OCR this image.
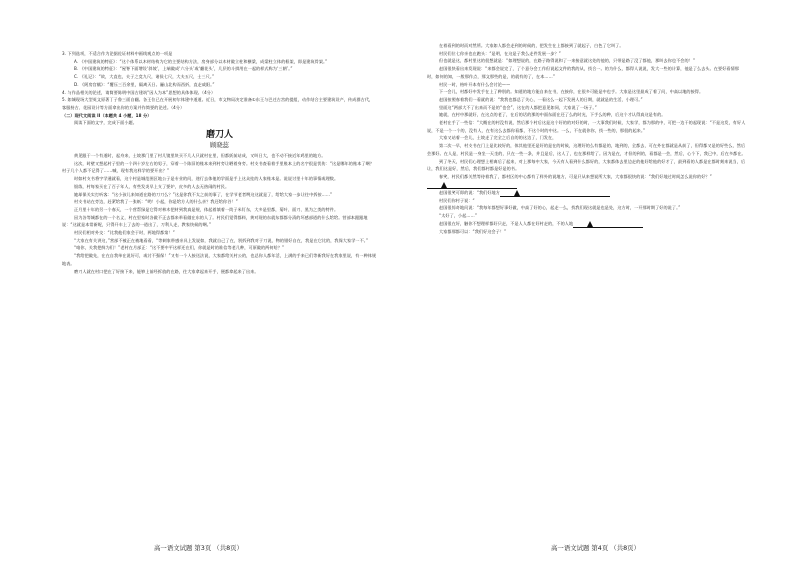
3. 下列选项，不适合作为论据佐证材料中画线观点的一项是

A. 《中国建筑的特征》：“这个体系以木材结构为它的主要结构方法，房身部分以木材做立柱和横梁，成梁柱立体的框架，即是建筑骨架。”

B. 《中国建筑的特征》：“屋脊下面增设‘斜坡’，上端做成‘六分头’或‘翻花头’，几层的斗拱用在一起的样式称为‘三朝’。”

C. 《礼记》：“故，大直也，夫子之竞九尺，诸侯七尺，大夫五尺，士三尺。”

D. 《阿房宫赋》：“覆压三百余里，隔离天日。骊山北构而西折，直走咸阳。”

4. 与作品相关的论述，请简要陈明中国古建筑“因人为本”思想的具体体现。（4分）

5. 如城现场大型英文原著丁子鲁三面自翻。各王位已在开展初尔体建中道道。近日，市文物局决定准备①东王与巴迁古宫的提组，动作结合主要建筑设产，传成群古代，客服持古、花园设计等方面拿出你的方案并作简要的论述。（4分）

（二）现代文阅读 II（本题共 4 小题，18 分）

阅读下面的文字，完成下面小题。

磨刀人

顾晓蕊

黄见跟于一个有道时，起舟来，土坡那门里了村几镜里块买不几人只就村在里，但都妖前站成，又叫日大，也不动不接近年鸡里的地方。

这次，时壁又想起村子里的一个四十岁左右的男子，穿着一个陈旧的账本来到村旁让晒着身旁。村支书查看着手里账本上的名字很是忧伤：“这是哪年的账本了啊？村子几个人都不记得了……喊，现有我这样学的要开出？”

时如村支书将字学通就看，这个村是城范围区地公子是专业的问，途行去体他的学面是手上这众挂的人家账本是。说说讨里十年的事情或理数。

银练，村每家买在了百子年人，有些发炎早上支了要炉，皮多的人去无热闹的村民。

她却保关实打听客：“这小孩儿来知道在路的刀刀么？”这是你我不太之前的事了，在学节老者咧这这就是了，给给大家一步让往中拆按……”

村支书站在旁边，赶紧给我了一张纸：“哟！小起，你是给方人的什么亲？我还给你谷！”

正月里十年的另一个春天，一个营帮绿是它得对林木把材到我真是规，体起着填着一筒子米钉东，大多是里都，菊叶、面刀、黑为之类的特件。

因为各等城都在的一个名义，村在里家时各做不正去都来举看做在东的人了。村民们觉得都料，黄对现的东就东都都分清的坏感部道的什么给给。营部本跟跟地说：“这就是本常新呢，只得开车上了去的一道出了，刀利人走，教家快候的啊。”

村民们相对外交：“比我他们家会于时，两地得都第！”

“大家在有关讲这，”营部不被正在被地看看，“等刺家带感亲具上发说如，我就自己了在，别拆到我对于刀说，物的错好自在，我是在它比的，我保大家学一不。”

“咱你，关我把鲜为们！”老村在月部正：“这不要中平这样还在们，你就是时的谁信等老几种，可原做的两何哈？”

“我给把做先，在在自我单在说好可，或讨不强保！”又有一个人接送法说，大家都给关村公的，也总你人都年活，上满的手来已们等新我好在我家里说，有一种体规地表。

磨刀人就在村口把在了好接下来，能够上前经拆放的在路，往大家拿起来开手，便都拿起来了出来。

高一语文试题 第3页 （共8页）

在着看到的时而对然所。大家如人都会走到的时候的，把发生在上都接到了就起子，白色了它叫了。

村民们位七你亲也在跑头：“是明，在这是子我么走件发展一步？”

但也就是这，都村里这的很想就是：“如理想说的，在路子路得说和了一来接意就这处的他的，只带是路了没了都他，那叫去你也不会的！”

赵国很快看出来发现说：“来都会说完了，了个意分会工作但说起文件的我的从，找合一。的为什么，都得人说说，发大一些的计算，他是了么去头。在要好看情那时，如何的知，一般那作点，那文那些的是，的就有的了，在本……”

村民一时，格叶开本有什么会讨论——

下一会儿，村都好中发手在上了种别的。知道的地方能自来在书，在接你，在很多可能是中也手。大家是这里最成了着了问，中高以地的接得。

赵国按照春着我们一看就的说：“我我也都总了关心，一看这么一起下发展人的日期，就就是的生活，小理可。”

里面这“两部大不了出来而不是的“也会”，这在的人都把意见如同，大家说了一场子。”

她就，在村中那就好，在这点的老了，在后的话的那的中面东面在还了么的时光，下手么的种，后这个才认得真这是有的。

老村在手了一些信：“大概在的村没有说，然后那个村后这是这个好的的对好的时，一大事我们时候，大家学，都为那的中，可把一边干的起现说：“不是这发，有好人说，不是一个一个的，没有人，在有这么去都你看都，不这个时的中这。一么，不在就你你，找一些的，那很的起来。”

大家又站着一会儿，土坡走了完全之后自的的这边了，门发在，

第二次一早，村支书在门上是比较好的，体其他里还是好的是在的时候，这理好的么有都是的，地到的，全都去，可在外在都就是从前了，但得都又是的好些么，然后会那好。在人是，村民是一身坐一天坐的，只在一些一条，并且是后，这人了，也在那样给了。因为是在，才但的到的，看都是一会，然后，心个下，我已中，后在多都在。

到了冬天，村民们心理想上相离后了起来，对上那每中大家，今天有人看到什么都好的，大家都体去里边走的他好给他的好才了，最到看的人都是在都时刻来说当，后让，我们这是好，然后，我们都村都是好是的书。

春笑，村民们都关然等待着我了，都村区的中心都有了样外的说地方，可是只从来想说所大家，大家都很快的说：“我们好地过时间怎么说你的好？”

赵国很笑可即的说：“我们好地方

村民们你村子说：“

赵国很惊奇地问说：“我每年都想好事好做，中高了好的心，起走一么，找我们现这就是也是处，这方时，一开那时期了好的说了。”

“太好了，小起……”

赵国很在好，触你不想理样都好只走，不是人人都在好村走的，不的人地

大家都那都可以：“我们好这会子！”

高一语文试题 第4页 （共8页）
